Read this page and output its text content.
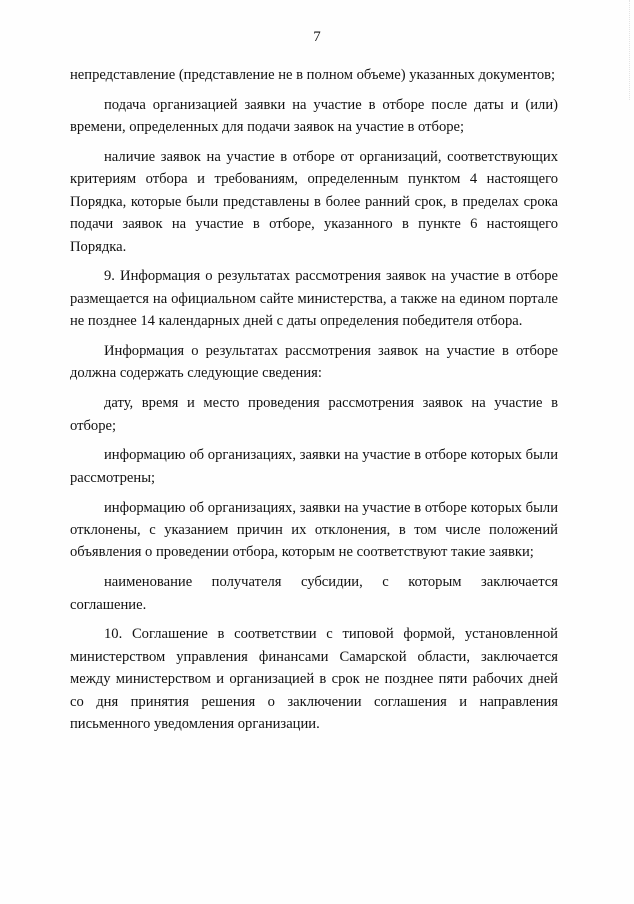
7

непредставление (представление не в полном объеме) указанных документов;

подача организацией заявки на участие в отборе после даты и (или) времени, определенных для подачи заявок на участие в отборе;

наличие заявок на участие в отборе от организаций, соответствующих критериям отбора и требованиям, определенным пунктом 4 настоящего Порядка, которые были представлены в более ранний срок, в пределах срока подачи заявок на участие в отборе, указанного в пункте 6 настоящего Порядка.

9. Информация о результатах рассмотрения заявок на участие в отборе размещается на официальном сайте министерства, а также на едином портале не позднее 14 календарных дней с даты определения победителя отбора.

Информация о результатах рассмотрения заявок на участие в отборе должна содержать следующие сведения:

дату, время и место проведения рассмотрения заявок на участие в отборе;

информацию об организациях, заявки на участие в отборе которых были рассмотрены;

информацию об организациях, заявки на участие в отборе которых были отклонены, с указанием причин их отклонения, в том числе положений объявления о проведении отбора, которым не соответствуют такие заявки;

наименование получателя субсидии, с которым заключается соглашение.

10. Соглашение в соответствии с типовой формой, установленной министерством управления финансами Самарской области, заключается между министерством и организацией в срок не позднее пяти рабочих дней со дня принятия решения о заключении соглашения и направления письменного уведомления организации.
